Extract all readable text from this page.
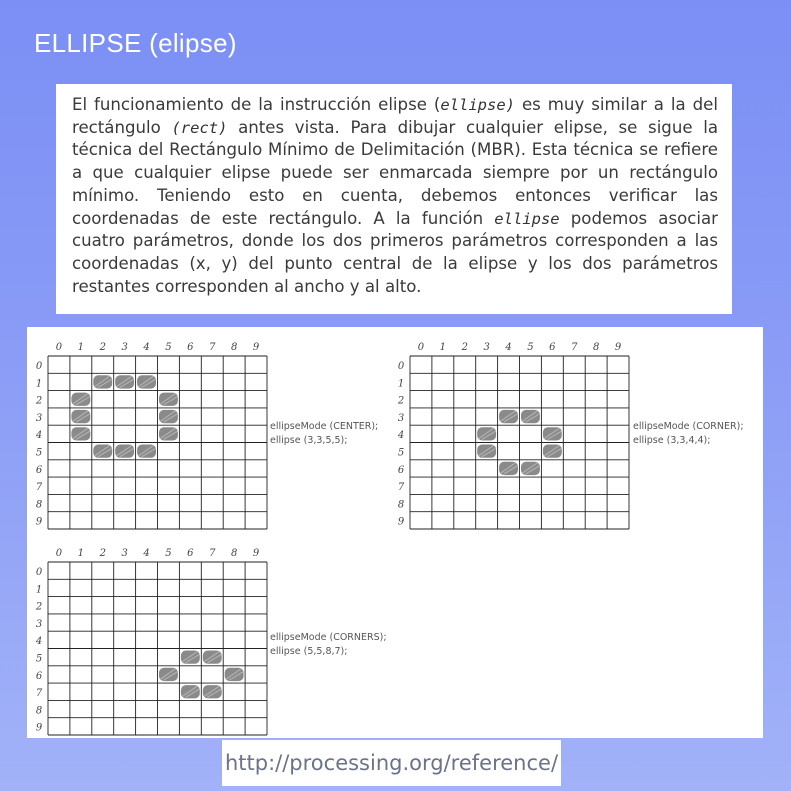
ELLIPSE (elipse)

El funcionamiento de la instrucción elipse (ellipse) es muy similar a la del rectángulo (rect) antes vista. Para dibujar cualquier elipse, se sigue la técnica del Rectángulo Mínimo de Delimitación (MBR). Esta técnica se refiere a que cualquier elipse puede ser enmarcada siempre por un rectángulo mínimo. Teniendo esto en cuenta, debemos entonces verificar las coordenadas de este rectángulo. A la función ellipse podemos asociar cuatro parámetros, donde los dos primeros parámetros corresponden a las coordenadas (x, y) del punto central de la elipse y los dos parámetros restantes corresponden al ancho y al alto.

0 1 2 3 4 5 6 7 8 9
0
1
2
3
4
5
6
7
8
9
ellipseMode (CENTER);
ellipse (3,3,5,5);
0 1 2 3 4 5 6 7 8 9
0
1
2
3
4
5
6
7
8
9
ellipseMode (CORNER);
ellipse (3,3,4,4);
0 1 2 3 4 5 6 7 8 9
0
1
2
3
4
5
6
7
8
9
ellipseMode (CORNERS);
ellipse (5,5,8,7);
http://processing.org/reference/
